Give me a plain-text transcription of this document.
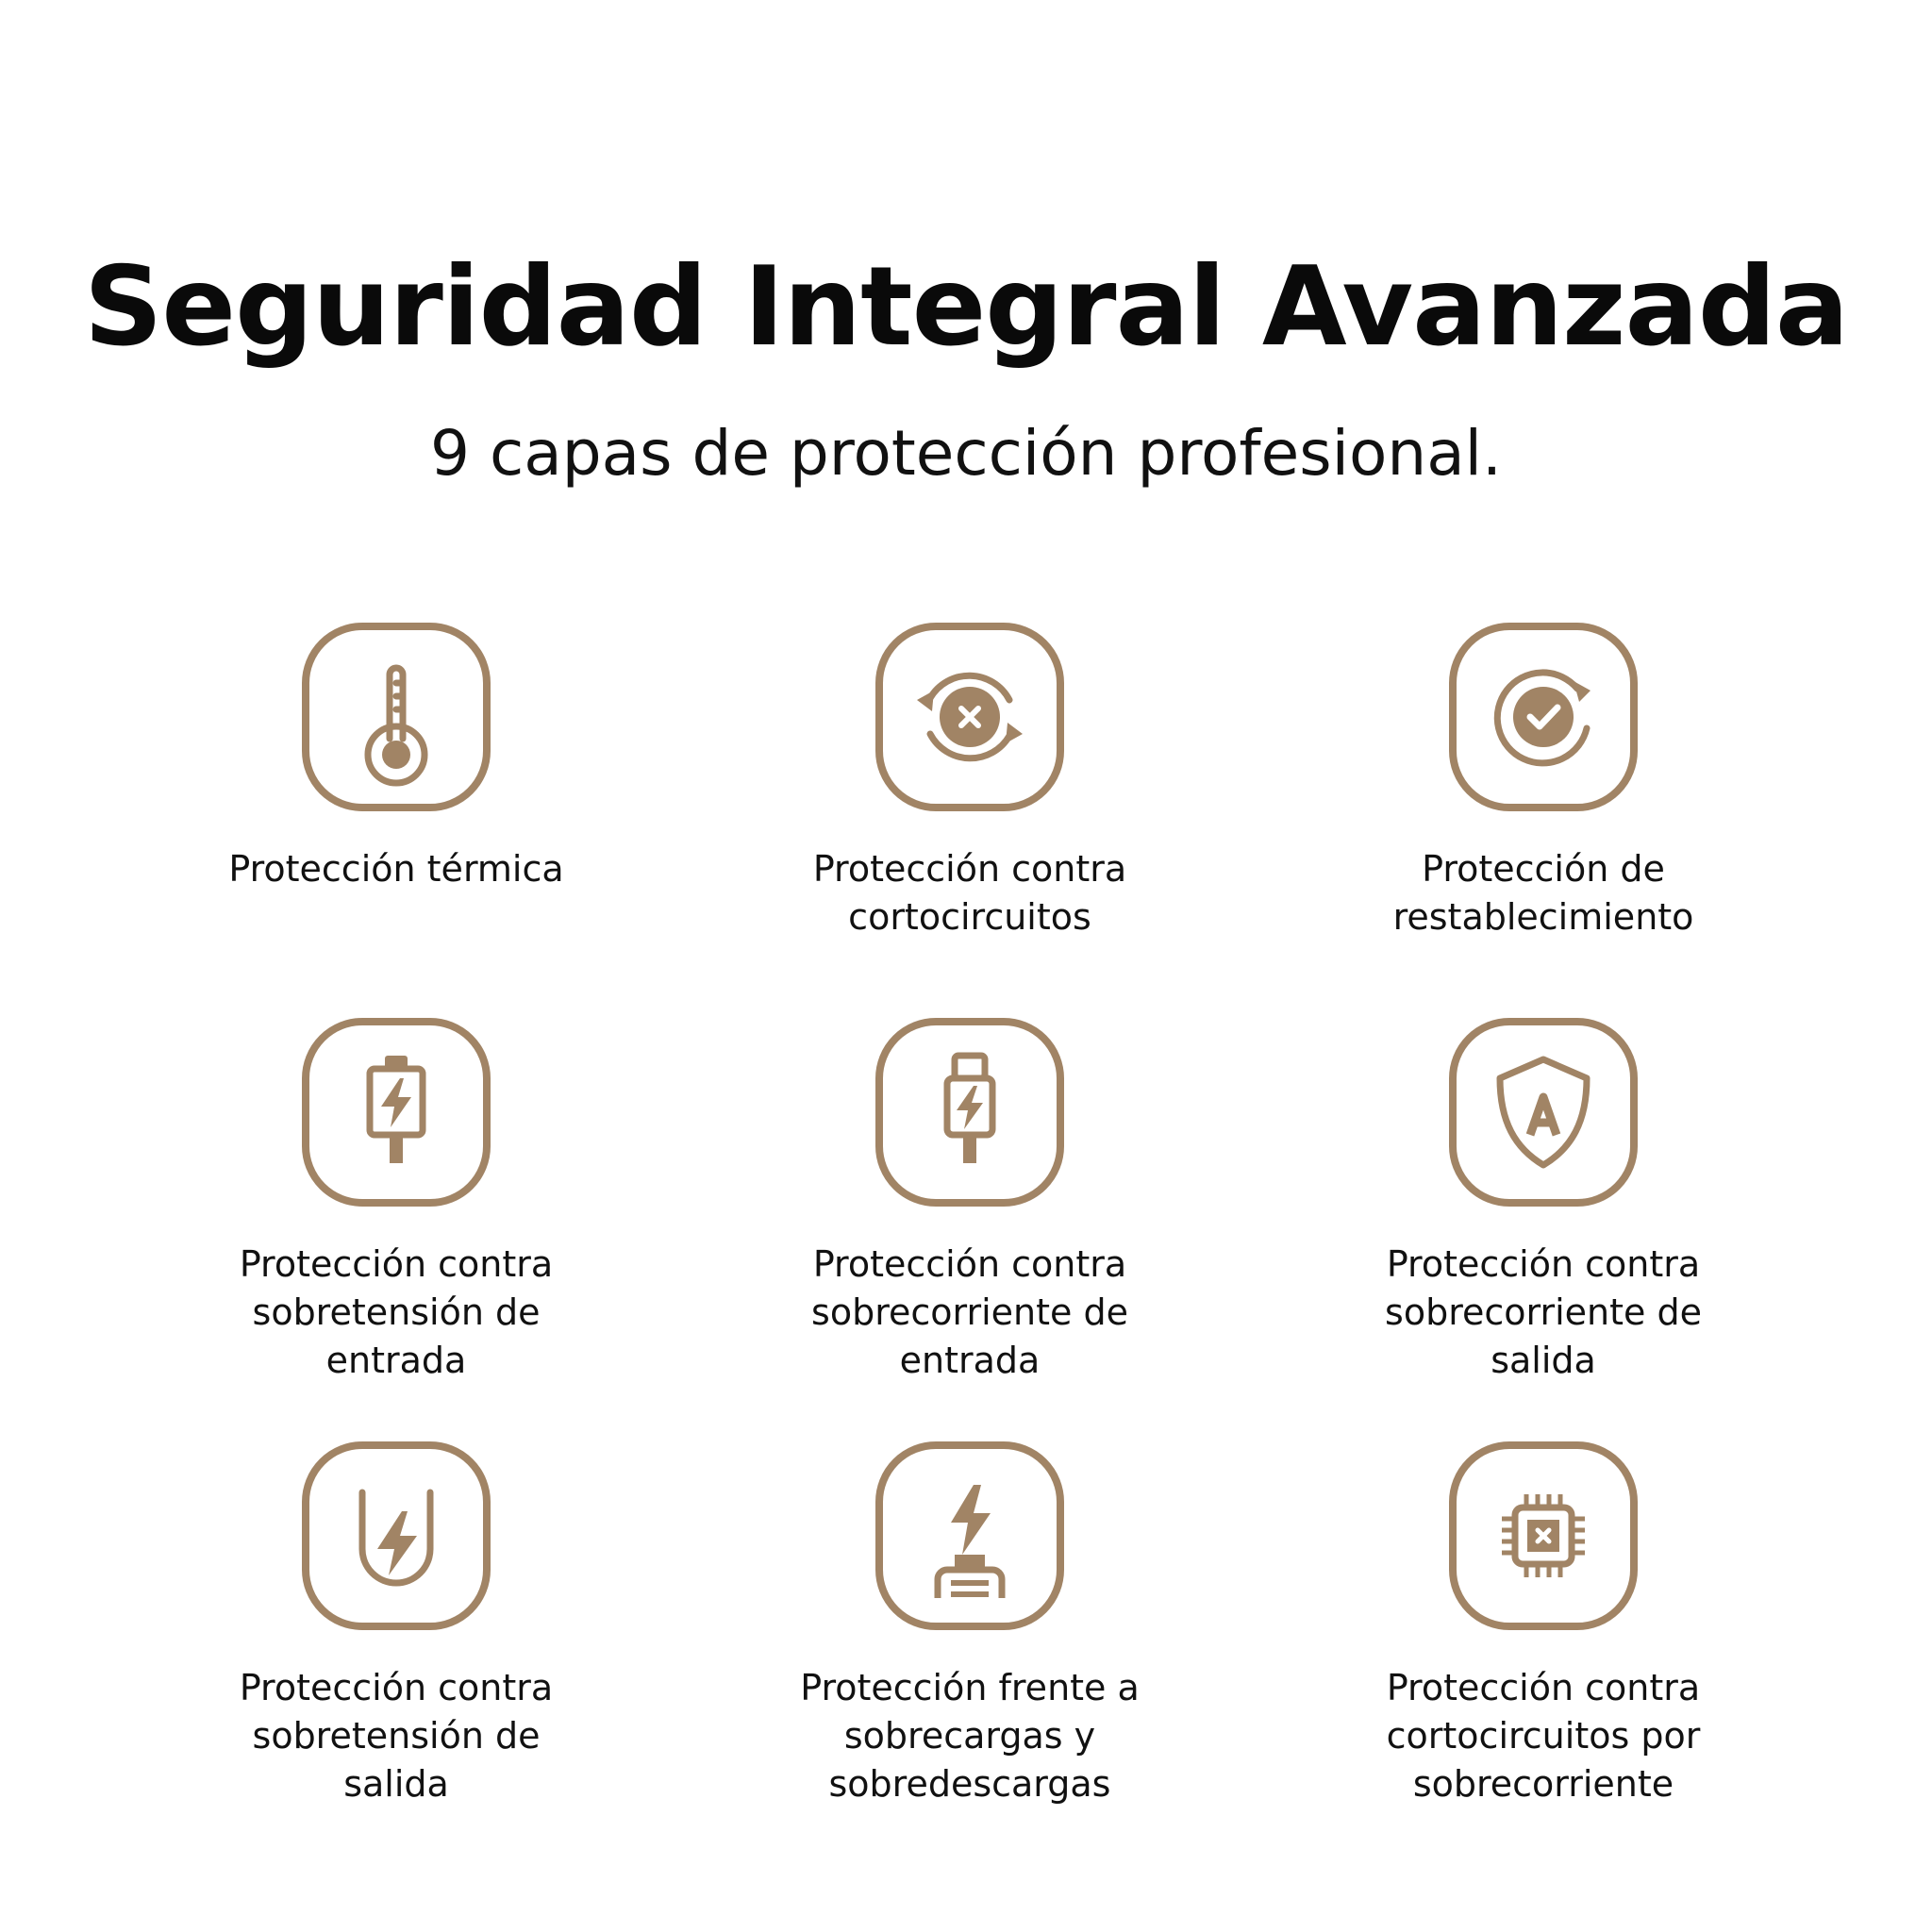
Seguridad Integral Avanzada
9 capas de protección profesional.
Protección térmica	Protección contra
cortocircuitos
Protección de
restablecimiento
Protección contra
sobretensión de
entrada
Protección contra
sobrecorriente de
entrada
Protección contra
sobrecorriente de
salida
Protección contra
sobretensión de
salida
Protección frente a
sobrecargas y
sobredescargas
Protección contra
cortocircuitos por
sobrecorriente
